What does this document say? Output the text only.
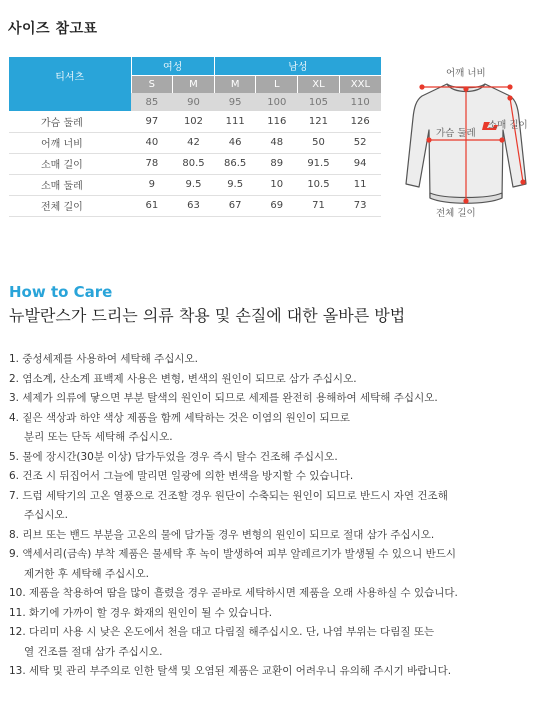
사이즈 참고표
티셔츠	여성		남성			
	S	M	M	L	XL	XXL
	85	90	95	100	105	110
가슴 둘레	97	102	111	116	121	126
어깨 너비	40	42	46	48	50	52
소매 길이	78	80.5	86.5	89	91.5	94
소매 둘레	9	9.5	9.5	10	10.5	11
전체 길이	61	63	67	69	71	73
어깨 너비
소매 길이
가슴 둘레
전체 길이
How to Care
뉴발란스가 드리는 의류 착용 및 손질에 대한 올바른 방법
1. 중성세제를 사용하여 세탁해 주십시오.
2. 염소계, 산소계 표백제 사용은 변형, 변색의 원인이 되므로 삼가 주십시오.
3. 세제가 의류에 닿으면 부분 탈색의 원인이 되므로 세제를 완전히 용해하여 세탁해 주십시오.
4. 짙은 색상과 하얀 색상 제품을 함께 세탁하는 것은 이염의 원인이 되므로
분리 또는 단독 세탁해 주십시오.
5. 물에 장시간(30분 이상) 담가두었을 경우 즉시 탈수 건조해 주십시오.
6. 건조 시 뒤집어서 그늘에 말리면 일광에 의한 변색을 방지할 수 있습니다.
7. 드럼 세탁기의 고온 열풍으로 건조할 경우 원단이 수축되는 원인이 되므로 반드시 자연 건조해
주십시오.
8. 리브 또는 밴드 부분을 고온의 물에 담가둘 경우 변형의 원인이 되므로 절대 삼가 주십시오.
9. 액세서리(금속) 부착 제품은 물세탁 후 녹이 발생하여 피부 알레르기가 발생될 수 있으니 반드시
제거한 후 세탁해 주십시오.
10. 제품을 착용하여 땀을 많이 흘렸을 경우 곧바로 세탁하시면 제품을 오래 사용하실 수 있습니다.
11. 화기에 가까이 할 경우 화재의 원인이 될 수 있습니다.
12. 다리미 사용 시 낮은 온도에서 천을 대고 다림질 해주십시오. 단, 나염 부위는 다림질 또는
열 건조를 절대 삼가 주십시오.
13. 세탁 및 관리 부주의로 인한 탈색 및 오염된 제품은 교환이 어려우니 유의해 주시기 바랍니다.
